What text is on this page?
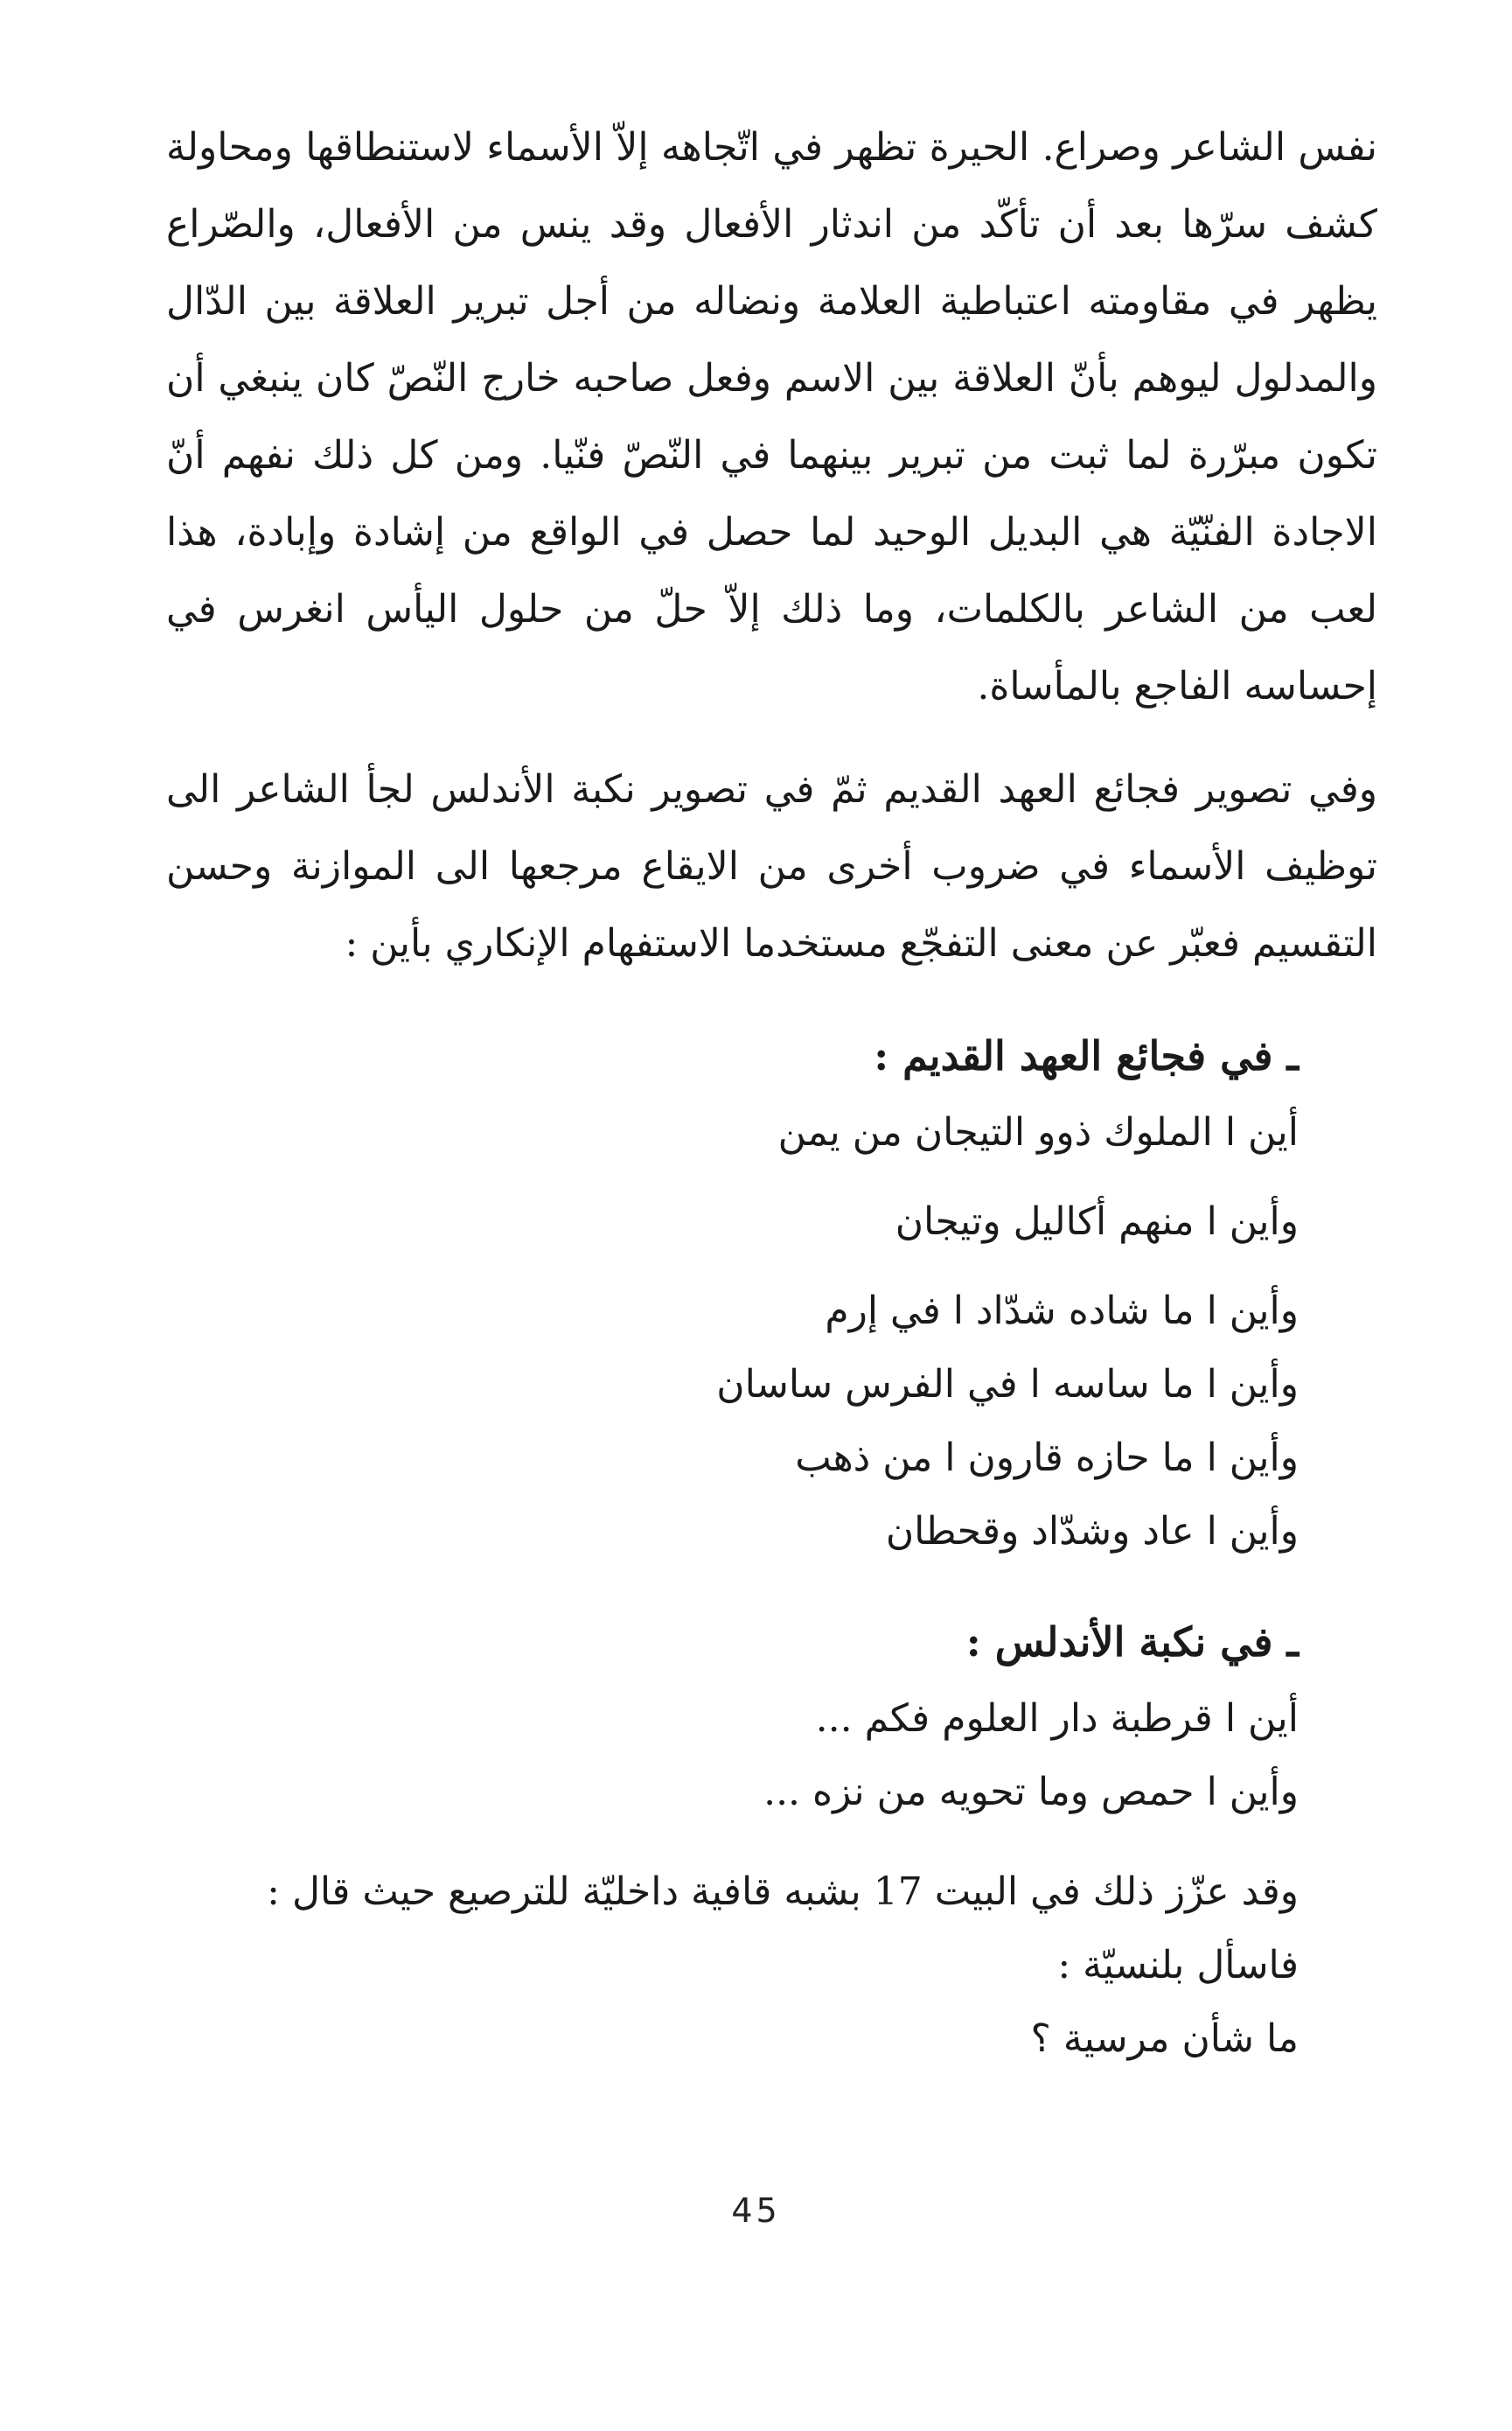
نفس الشاعر وصراع. الحيرة تظهر في اتّجاهه إلاّ الأسماء لاستنطاقها ومحاولة كشف سرّها بعد أن تأكّد من اندثار الأفعال وقد ينس من الأفعال، والصّراع يظهر في مقاومته اعتباطية العلامة ونضاله من أجل تبرير العلاقة بين الدّال والمدلول ليوهم بأنّ العلاقة بين الاسم وفعل صاحبه خارج النّصّ كان ينبغي أن تكون مبرّرة لما ثبت من تبرير بينهما في النّصّ فنّيا. ومن كل ذلك نفهم أنّ الاجادة الفنّيّة هي البديل الوحيد لما حصل في الواقع من إشادة وإبادة، هذا لعب من الشاعر بالكلمات، وما ذلك إلاّ حلّ من حلول اليأس انغرس في إحساسه الفاجع بالمأساة.

وفي تصوير فجائع العهد القديم ثمّ في تصوير نكبة الأندلس لجأ الشاعر الى توظيف الأسماء في ضروب أخرى من الايقاع مرجعها الى الموازنة وحسن التقسيم فعبّر عن معنى التفجّع مستخدما الاستفهام الإنكاري بأين :

ـ في فجائع العهد القديم :
أين ا الملوك ذوو التيجان من يمن
وأين ا منهم أكاليل وتيجان
وأين ا ما شاده شدّاد ا في إرم
وأين ا ما ساسه ا في الفرس ساسان
وأين ا ما حازه قارون ا من ذهب
وأين ا عاد وشدّاد وقحطان
ـ في نكبة الأندلس :
أين ا قرطبة دار العلوم فكم ...
وأين ا حمص وما تحويه من نزه ...
وقد عزّز ذلك في البيت 17 بشبه قافية داخليّة للترصيع حيث قال :
فاسأل بلنسيّة :
ما شأن مرسية ؟
45
